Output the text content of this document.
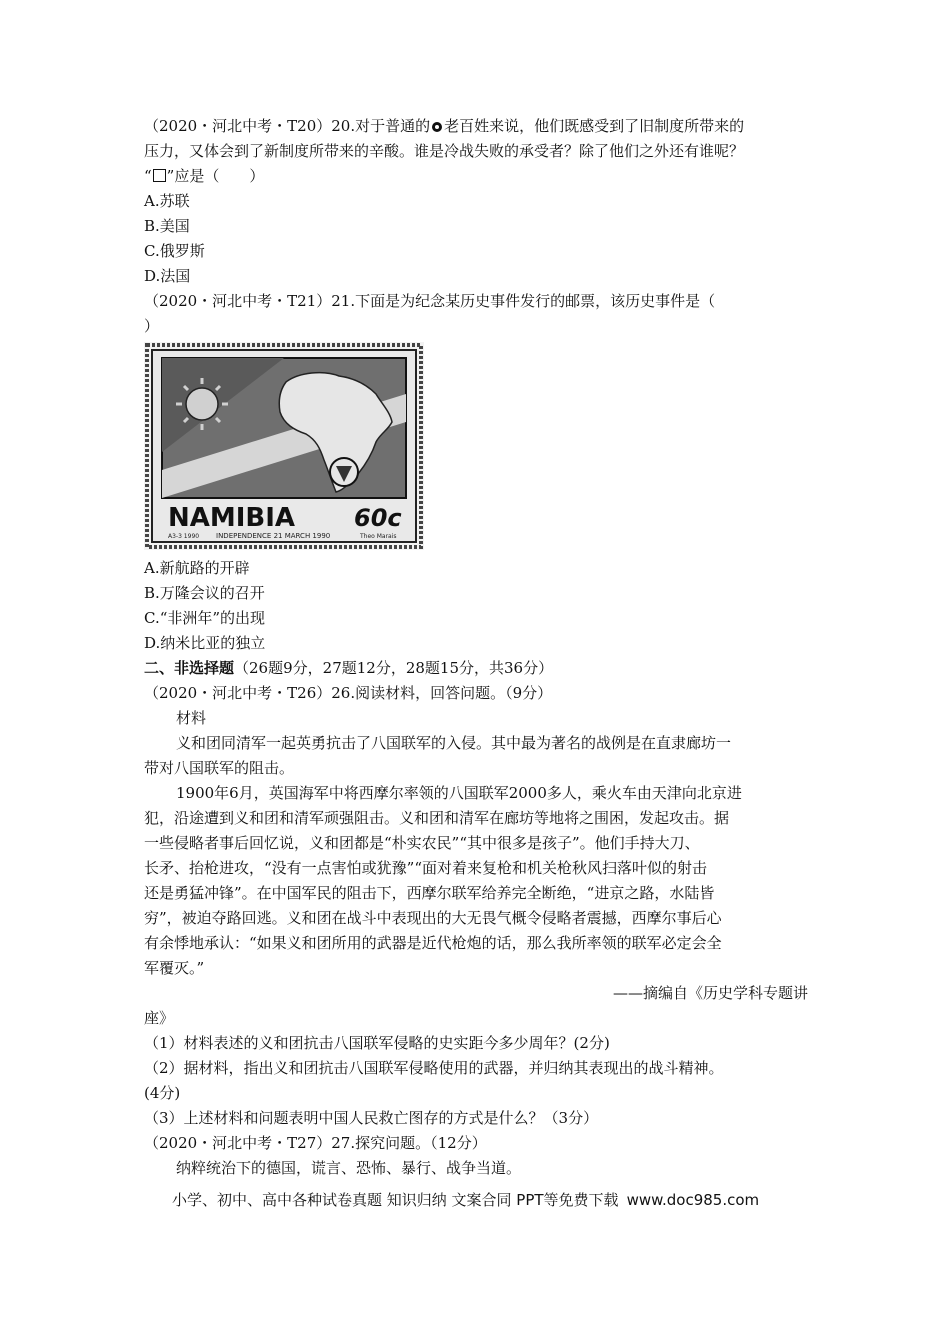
（2020・河北中考・T20）20.对于普通的 老百姓来说，他们既感受到了旧制度所带来的

压力，又体会到了新制度所带来的辛酸。谁是冷战失败的承受者？除了他们之外还有谁呢？

“ ”应是（　　）

A.苏联

B.美国

C.俄罗斯

D.法国

（2020・河北中考・T21）21.下面是为纪念某历史事件发行的邮票，该历史事件是（

）

NAMIBIA 60c
A3-3 1990 INDEPENDENCE 21 MARCH 1990	Theo Marais

A.新航路的开辟

B.万隆会议的召开

C.“非洲年”的出现

D.纳米比亚的独立

二、非选择题（26题9分，27题12分，28题15分，共36分）

（2020・河北中考・T26）26.阅读材料，回答问题。（9分）

材料

义和团同清军一起英勇抗击了八国联军的入侵。其中最为著名的战例是在直隶廊坊一

带对八国联军的阻击。

1900年6月，英国海军中将西摩尔率领的八国联军2000多人，乘火车由天津向北京进

犯，沿途遭到义和团和清军顽强阻击。义和团和清军在廊坊等地将之围困，发起攻击。据

一些侵略者事后回忆说，义和团都是“朴实农民”“其中很多是孩子”。他们手持大刀、

长矛、抬枪进攻，“没有一点害怕或犹豫”“面对着来复枪和机关枪秋风扫落叶似的射击

还是勇猛冲锋”。在中国军民的阻击下，西摩尔联军给养完全断绝，“进京之路，水陆皆

穷”，被迫夺路回逃。义和团在战斗中表现出的大无畏气概令侵略者震撼，西摩尔事后心

有余悸地承认：“如果义和团所用的武器是近代枪炮的话，那么我所率领的联军必定会全

军覆灭。”

——摘编自《历史学科专题讲

座》

（1）材料表述的义和团抗击八国联军侵略的史实距今多少周年？(2分)

（2）据材料，指出义和团抗击八国联军侵略使用的武器，并归纳其表现出的战斗精神。

(4分)

（3）上述材料和问题表明中国人民救亡图存的方式是什么？（3分）

（2020・河北中考・T27）27.探究问题。（12分）

纳粹统治下的德国，谎言、恐怖、暴行、战争当道。

小学、初中、高中各种试卷真题 知识归纳 文案合同 PPT等免费下载 www.doc985.com
